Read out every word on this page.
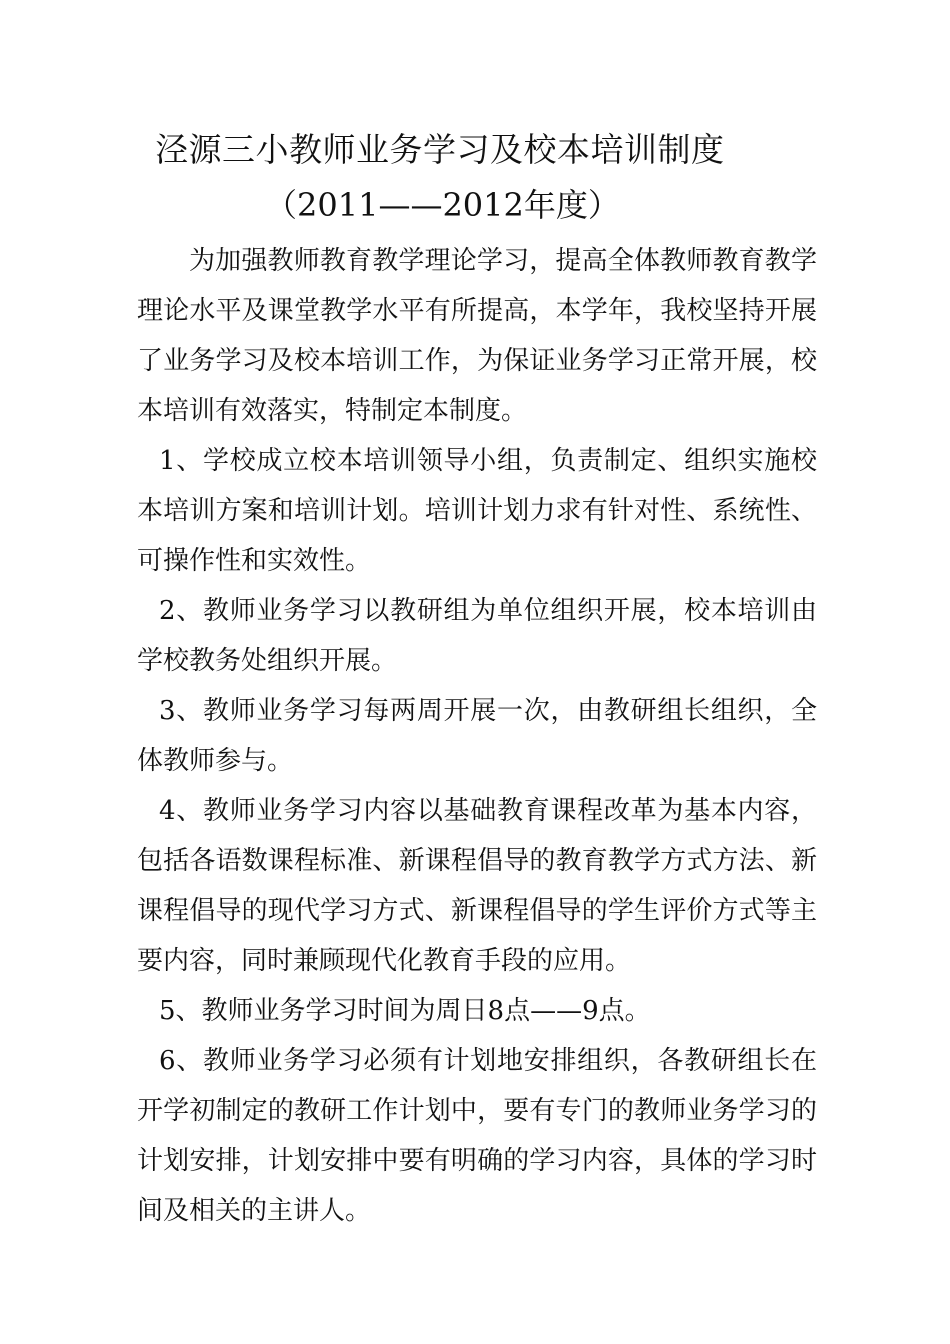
泾源三小教师业务学习及校本培训制度
（2011——2012年度）

为加强教师教育教学理论学习，提高全体教师教育教学理论水平及课堂教学水平有所提高，本学年，我校坚持开展了业务学习及校本培训工作，为保证业务学习正常开展，校本培训有效落实，特制定本制度。

1、学校成立校本培训领导小组，负责制定、组织实施校本培训方案和培训计划。培训计划力求有针对性、系统性、可操作性和实效性。

2、教师业务学习以教研组为单位组织开展，校本培训由学校教务处组织开展。

3、教师业务学习每两周开展一次，由教研组长组织，全体教师参与。

4、教师业务学习内容以基础教育课程改革为基本内容，包括各语数课程标准、新课程倡导的教育教学方式方法、新课程倡导的现代学习方式、新课程倡导的学生评价方式等主要内容，同时兼顾现代化教育手段的应用。

5、教师业务学习时间为周日8点——9点。

6、教师业务学习必须有计划地安排组织，各教研组长在开学初制定的教研工作计划中，要有专门的教师业务学习的计划安排，计划安排中要有明确的学习内容，具体的学习时间及相关的主讲人。
